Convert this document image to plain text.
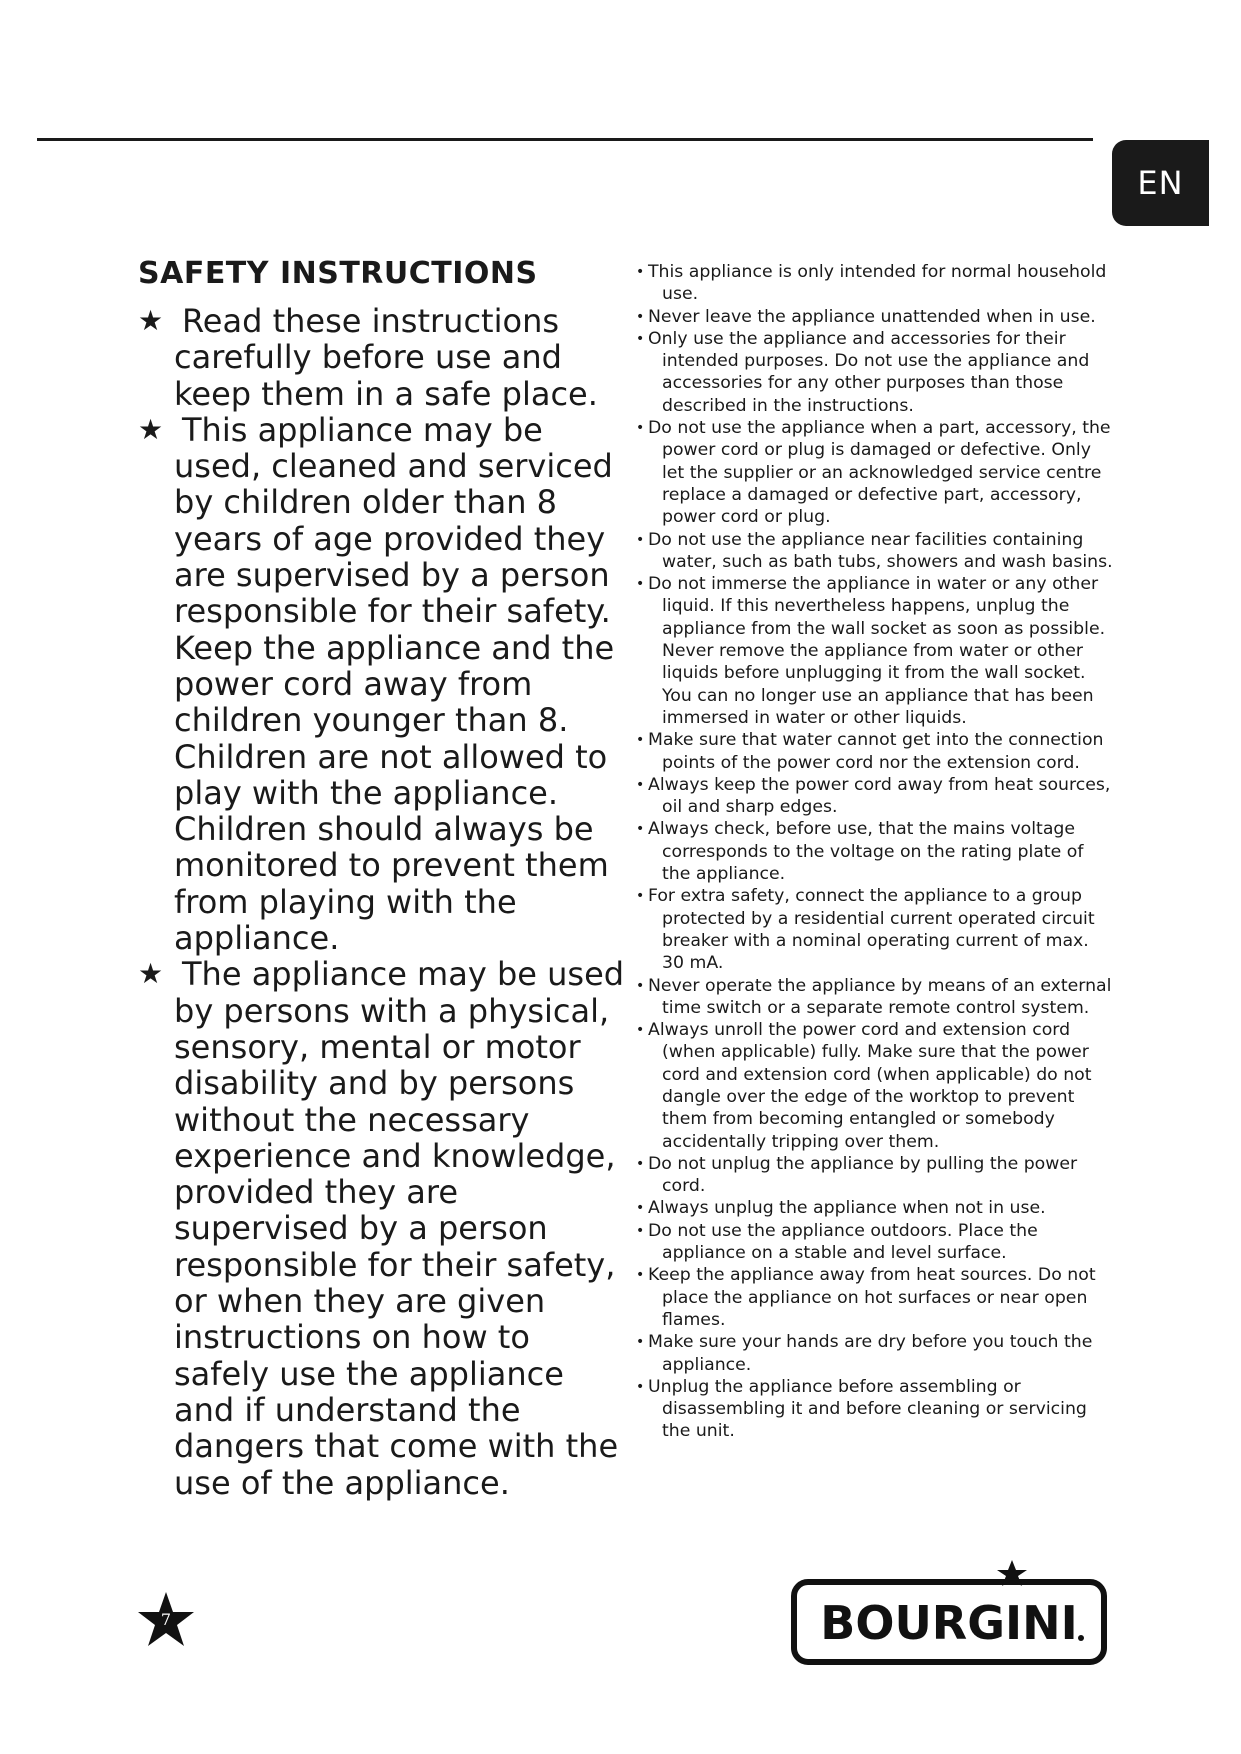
EN
SAFETY INSTRUCTIONS
★ Read these instructions carefully before use and keep them in a safe place.
★ This appliance may be used, cleaned and serviced by children older than 8 years of age provided they are supervised by a person responsible for their safety. Keep the appliance and the power cord away from children younger than 8. Children are not allowed to play with the appliance. Children should always be monitored to prevent them from playing with the appliance.
★ The appliance may be used by persons with a physical, sensory, mental or motor disability and by persons without the necessary experience and knowledge, provided they are supervised by a person responsible for their safety, or when they are given instructions on how to safely use the appliance and if understand the dangers that come with the use of the appliance.
• This appliance is only intended for normal household use.
• Never leave the appliance unattended when in use.
• Only use the appliance and accessories for their intended purposes. Do not use the appliance and accessories for any other purposes than those described in the instructions.
• Do not use the appliance when a part, accessory, the power cord or plug is damaged or defective. Only let the supplier or an acknowledged service centre replace a damaged or defective part, accessory, power cord or plug.
• Do not use the appliance near facilities containing water, such as bath tubs, showers and wash basins.
• Do not immerse the appliance in water or any other liquid. If this nevertheless happens, unplug the appliance from the wall socket as soon as possible. Never remove the appliance from water or other liquids before unplugging it from the wall socket. You can no longer use an appliance that has been immersed in water or other liquids.
• Make sure that water cannot get into the connection points of the power cord nor the extension cord.
• Always keep the power cord away from heat sources, oil and sharp edges.
• Always check, before use, that the mains voltage corresponds to the voltage on the rating plate of the appliance.
• For extra safety, connect the appliance to a group protected by a residential current operated circuit breaker with a nominal operating current of max. 30 mA.
• Never operate the appliance by means of an external time switch or a separate remote control system.
• Always unroll the power cord and extension cord (when applicable) fully. Make sure that the power cord and extension cord (when applicable) do not dangle over the edge of the worktop to prevent them from becoming entangled or somebody accidentally tripping over them.
• Do not unplug the appliance by pulling the power cord.
• Always unplug the appliance when not in use.
• Do not use the appliance outdoors. Place the appliance on a stable and level surface.
• Keep the appliance away from heat sources. Do not place the appliance on hot surfaces or near open flames.
• Make sure your hands are dry before you touch the appliance.
• Unplug the appliance before assembling or disassembling it and before cleaning or servicing the unit.
7	BOURGINI
